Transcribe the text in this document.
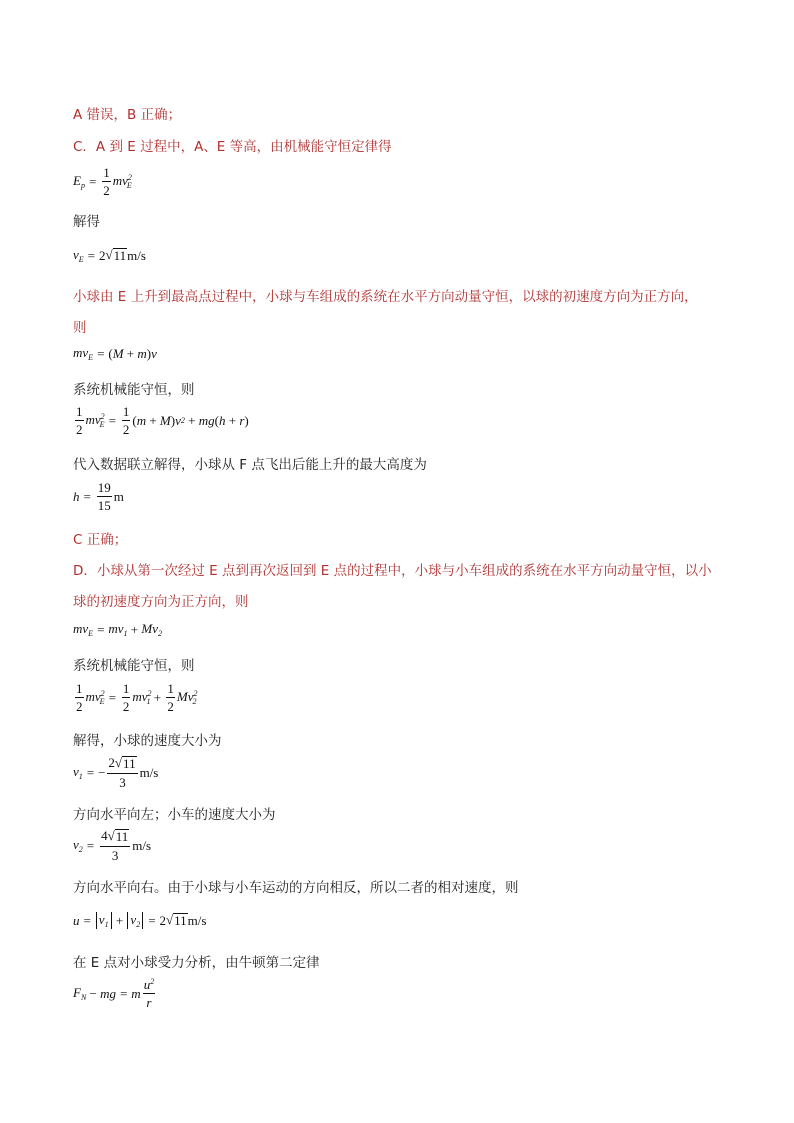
A 错误，B 正确；
C．A 到 E 过程中，A、E 等高，由机械能守恒定律得
$E_p = \frac{1}{2} mv^2_E$
解得
$v_E = 2$ √ 11 m/s
小球由 E 上升到最高点过程中，小球与车组成的系统在水平方向动量守恒，以球的初速度方向为正方向，
则
$mv_E$ = ( M + m ) v
系统机械能守恒，则
$\frac{1}{2} mv^2_E = \frac{1}{2}$ ( m + M ) v 2 + mg ( h + r )
代入数据联立解得，小球从 F 点飞出后能上升的最大高度为
$h = \frac{19}{15}$ m
C 正确；
D．小球从第一次经过 E 点到再次返回到 E 点的过程中，小球与小车组成的系统在水平方向动量守恒，以小
球的初速度方向为正方向，则
$mv_E = mv_1 + Mv_2$
系统机械能守恒，则
$\frac{1}{2} mv^2_E = \frac{1}{2} mv^2_1 + \frac{1}{2} Mv^2_2$
解得，小球的速度大小为
$v_1$ = − $\frac{2 √ 11}{3} m/s$
方向水平向左；小车的速度大小为
$v_2 = \frac{4 √ 11}{3} m/s$
方向水平向右。由于小球与小车运动的方向相反，所以二者的相对速度，则
$u = v_1 + v_2 = 2$ √ 11 m/s
在 E 点对小球受力分析，由牛顿第二定律
$F_N$ − mg = m $\frac{u^2}{r}$
